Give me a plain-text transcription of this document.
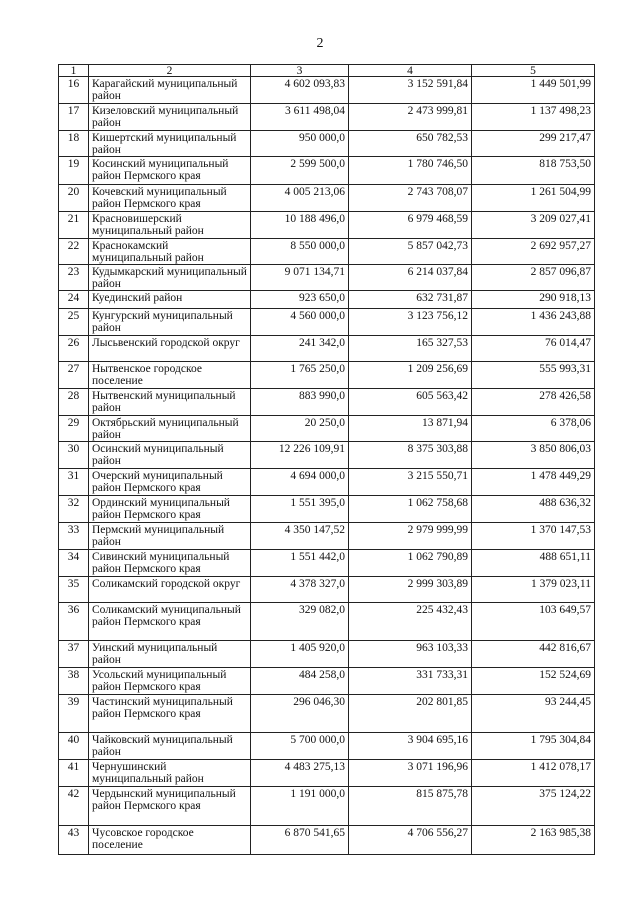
2
1	2	3	4	5
16	Карагайский муниципальный район	4 602 093,83	3 152 591,84	1 449 501,99
17	Кизеловский муниципальный район	3 611 498,04	2 473 999,81	1 137 498,23
18	Кишертский муниципальный район	950 000,0	650 782,53	299 217,47
19	Косинский муниципальный район Пермского края	2 599 500,0	1 780 746,50	818 753,50
20	Кочевский муниципальный район Пермского края	4 005 213,06	2 743 708,07	1 261 504,99
21	Красновишерский муниципальный район	10 188 496,0	6 979 468,59	3 209 027,41
22	Краснокамский муниципальный район	8 550 000,0	5 857 042,73	2 692 957,27
23	Кудымкарский муниципальный район	9 071 134,71	6 214 037,84	2 857 096,87
24	Куединский район	923 650,0	632 731,87	290 918,13
25	Кунгурский муниципальный район	4 560 000,0	3 123 756,12	1 436 243,88
26	Лысьвенский городской округ	241 342,0	165 327,53	76 014,47
27	Нытвенское городское поселение	1 765 250,0	1 209 256,69	555 993,31
28	Нытвенский муниципальный район	883 990,0	605 563,42	278 426,58
29	Октябрьский муниципальный район	20 250,0	13 871,94	6 378,06
30	Осинский муниципальный район	12 226 109,91	8 375 303,88	3 850 806,03
31	Очерский муниципальный район Пермского края	4 694 000,0	3 215 550,71	1 478 449,29
32	Ординский муниципальный район Пермского края	1 551 395,0	1 062 758,68	488 636,32
33	Пермский муниципальный район	4 350 147,52	2 979 999,99	1 370 147,53
34	Сивинский муниципальный район Пермского края	1 551 442,0	1 062 790,89	488 651,11
35	Соликамский городской округ	4 378 327,0	2 999 303,89	1 379 023,11
36	Соликамский муниципальный район Пермского края	329 082,0	225 432,43	103 649,57
37	Уинский муниципальный район	1 405 920,0	963 103,33	442 816,67
38	Усольский муниципальный район Пермского края	484 258,0	331 733,31	152 524,69
39	Частинский муниципальный район Пермского края	296 046,30	202 801,85	93 244,45
40	Чайковский муниципальный район	5 700 000,0	3 904 695,16	1 795 304,84
41	Чернушинский муниципальный район	4 483 275,13	3 071 196,96	1 412 078,17
42	Чердынский муниципальный район Пермского края	1 191 000,0	815 875,78	375 124,22
43	Чусовское городское поселение	6 870 541,65	4 706 556,27	2 163 985,38
